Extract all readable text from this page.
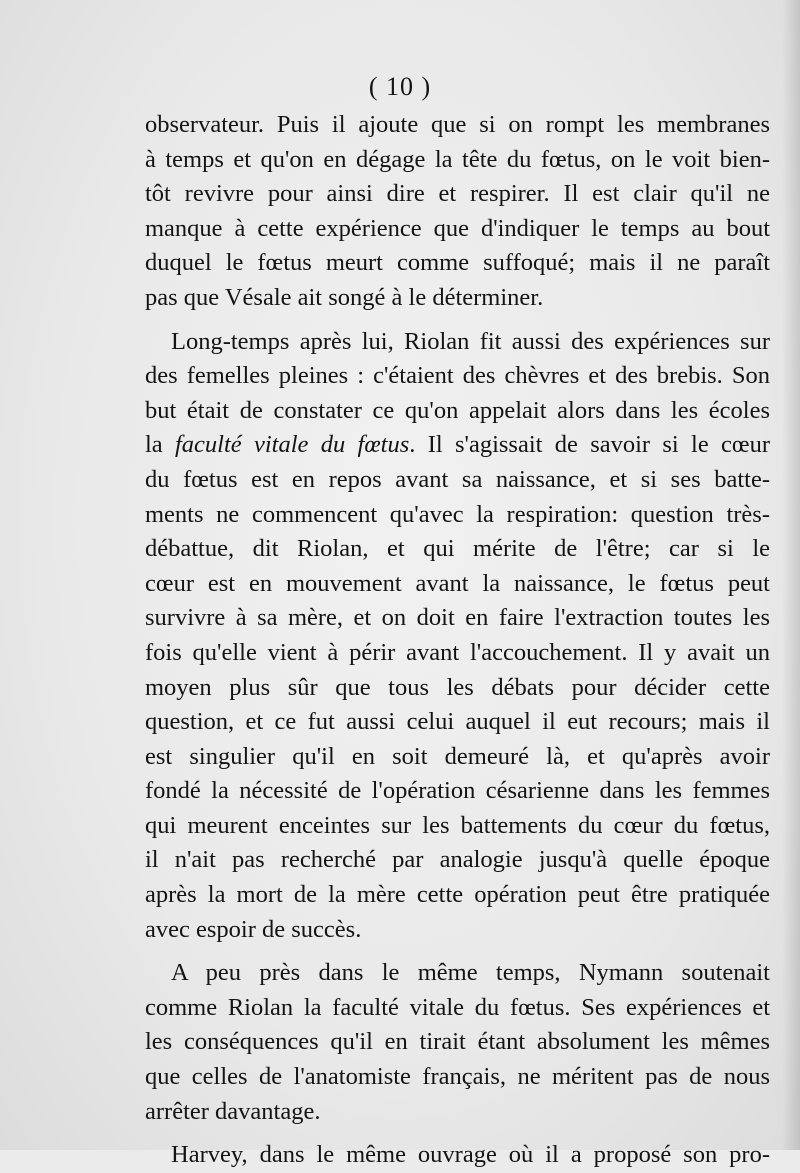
( 10 )

observateur. Puis il ajoute que si on rompt les membranes
à temps et qu'on en dégage la tête du fœtus, on le voit bien-
tôt revivre pour ainsi dire et respirer. Il est clair qu'il ne
manque à cette expérience que d'indiquer le temps au bout
duquel le fœtus meurt comme suffoqué; mais il ne paraît
pas que Vésale ait songé à le déterminer.

Long-temps après lui, Riolan fit aussi des expériences sur
des femelles pleines : c'étaient des chèvres et des brebis. Son
but était de constater ce qu'on appelait alors dans les écoles
la faculté vitale du fœtus. Il s'agissait de savoir si le cœur
du fœtus est en repos avant sa naissance, et si ses batte-
ments ne commencent qu'avec la respiration: question très-
débattue, dit Riolan, et qui mérite de l'être; car si le
cœur est en mouvement avant la naissance, le fœtus peut
survivre à sa mère, et on doit en faire l'extraction toutes les
fois qu'elle vient à périr avant l'accouchement. Il y avait un
moyen plus sûr que tous les débats pour décider cette
question, et ce fut aussi celui auquel il eut recours; mais il
est singulier qu'il en soit demeuré là, et qu'après avoir
fondé la nécessité de l'opération césarienne dans les femmes
qui meurent enceintes sur les battements du cœur du fœtus,
il n'ait pas recherché par analogie jusqu'à quelle époque
après la mort de la mère cette opération peut être pratiquée
avec espoir de succès.

A peu près dans le même temps, Nymann soutenait
comme Riolan la faculté vitale du fœtus. Ses expériences et
les conséquences qu'il en tirait étant absolument les mêmes
que celles de l'anatomiste français, ne méritent pas de nous
arrêter davantage.

Harvey, dans le même ouvrage où il a proposé son pro-
